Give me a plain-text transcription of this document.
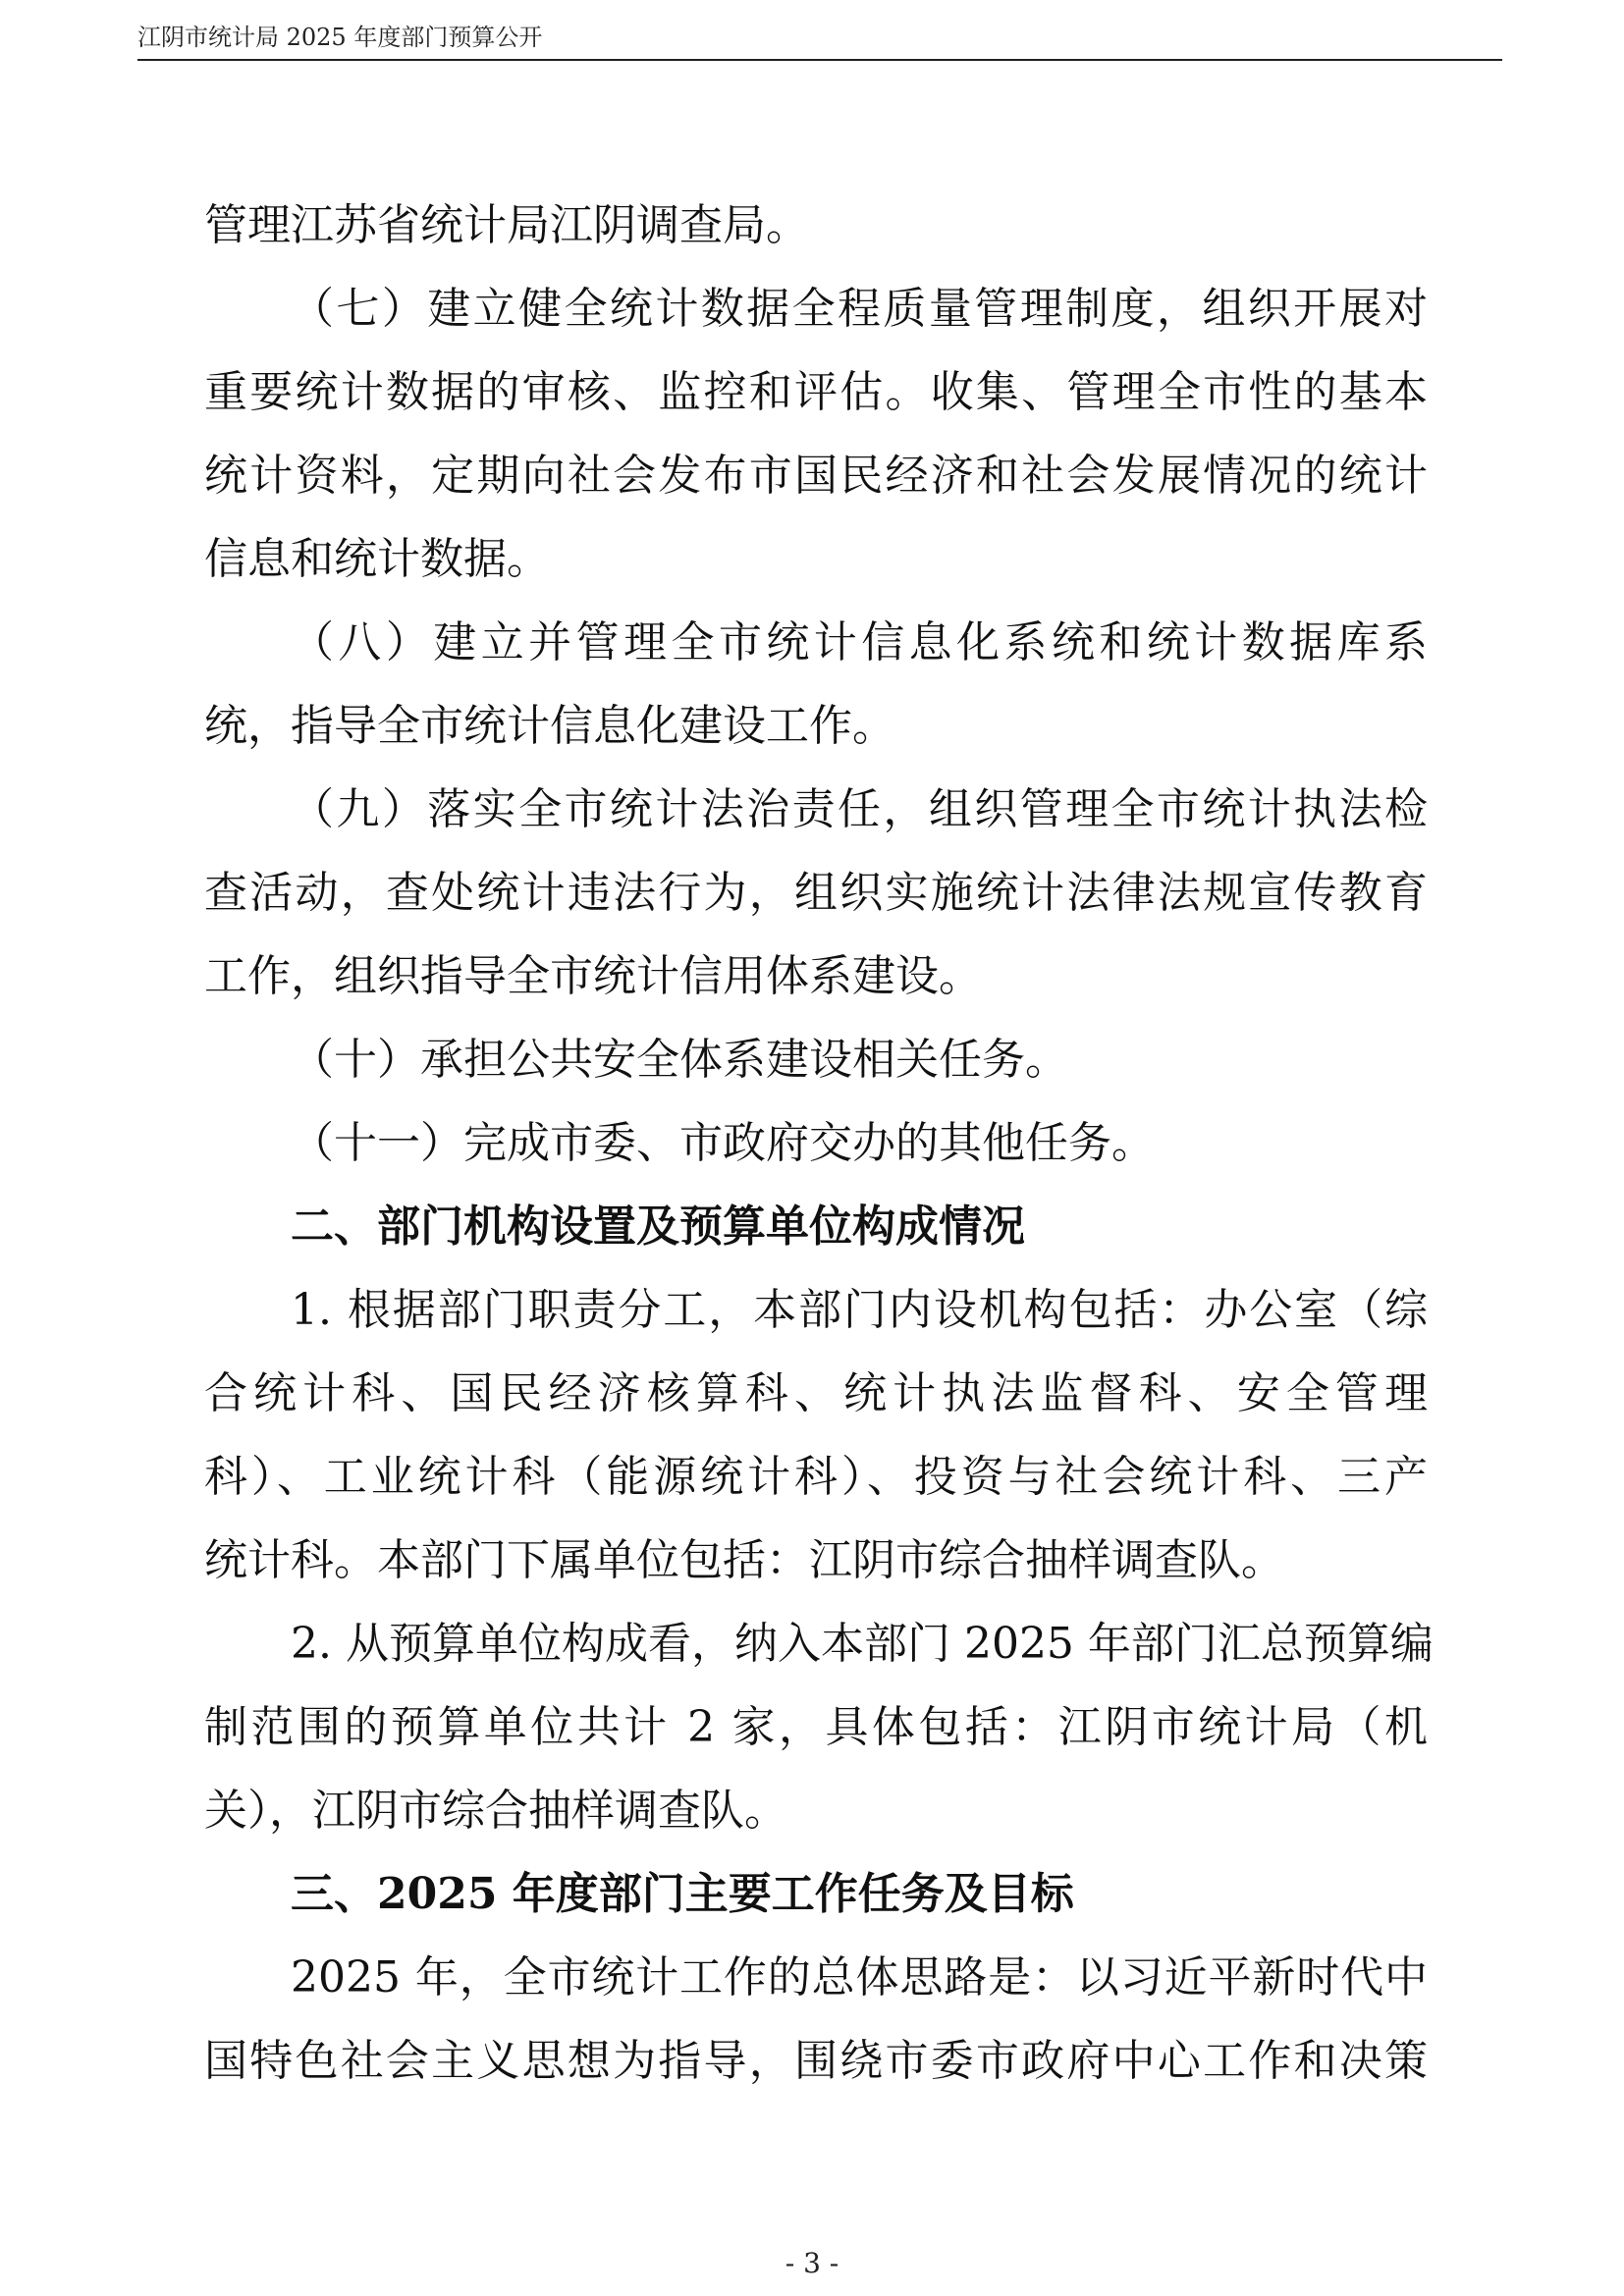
江阴市统计局 2025 年度部门预算公开
管理江苏省统计局江阴调查局。
（七）建立健全统计数据全程质量管理制度，组织开展对
重要统计数据的审核、监控和评估。收集、管理全市性的基本
统计资料，定期向社会发布市国民经济和社会发展情况的统计
信息和统计数据。
（八）建立并管理全市统计信息化系统和统计数据库系
统，指导全市统计信息化建设工作。
（九）落实全市统计法治责任，组织管理全市统计执法检
查活动，查处统计违法行为，组织实施统计法律法规宣传教育
工作，组织指导全市统计信用体系建设。
（十）承担公共安全体系建设相关任务。
（十一）完成市委、市政府交办的其他任务。
二、部门机构设置及预算单位构成情况
1. 根据部门职责分工，本部门内设机构包括：办公室（综
合统计科、国民经济核算科、统计执法监督科、安全管理
科）、工业统计科（能源统计科）、投资与社会统计科、三产
统计科。本部门下属单位包括：江阴市综合抽样调查队。
2. 从预算单位构成看，纳入本部门 2025 年部门汇总预算编
制范围的预算单位共计 2 家，具体包括：江阴市统计局（机
关），江阴市综合抽样调查队。
三、2025 年度部门主要工作任务及目标
2025 年，全市统计工作的总体思路是：以习近平新时代中
国特色社会主义思想为指导，围绕市委市政府中心工作和决策
- 3 -
